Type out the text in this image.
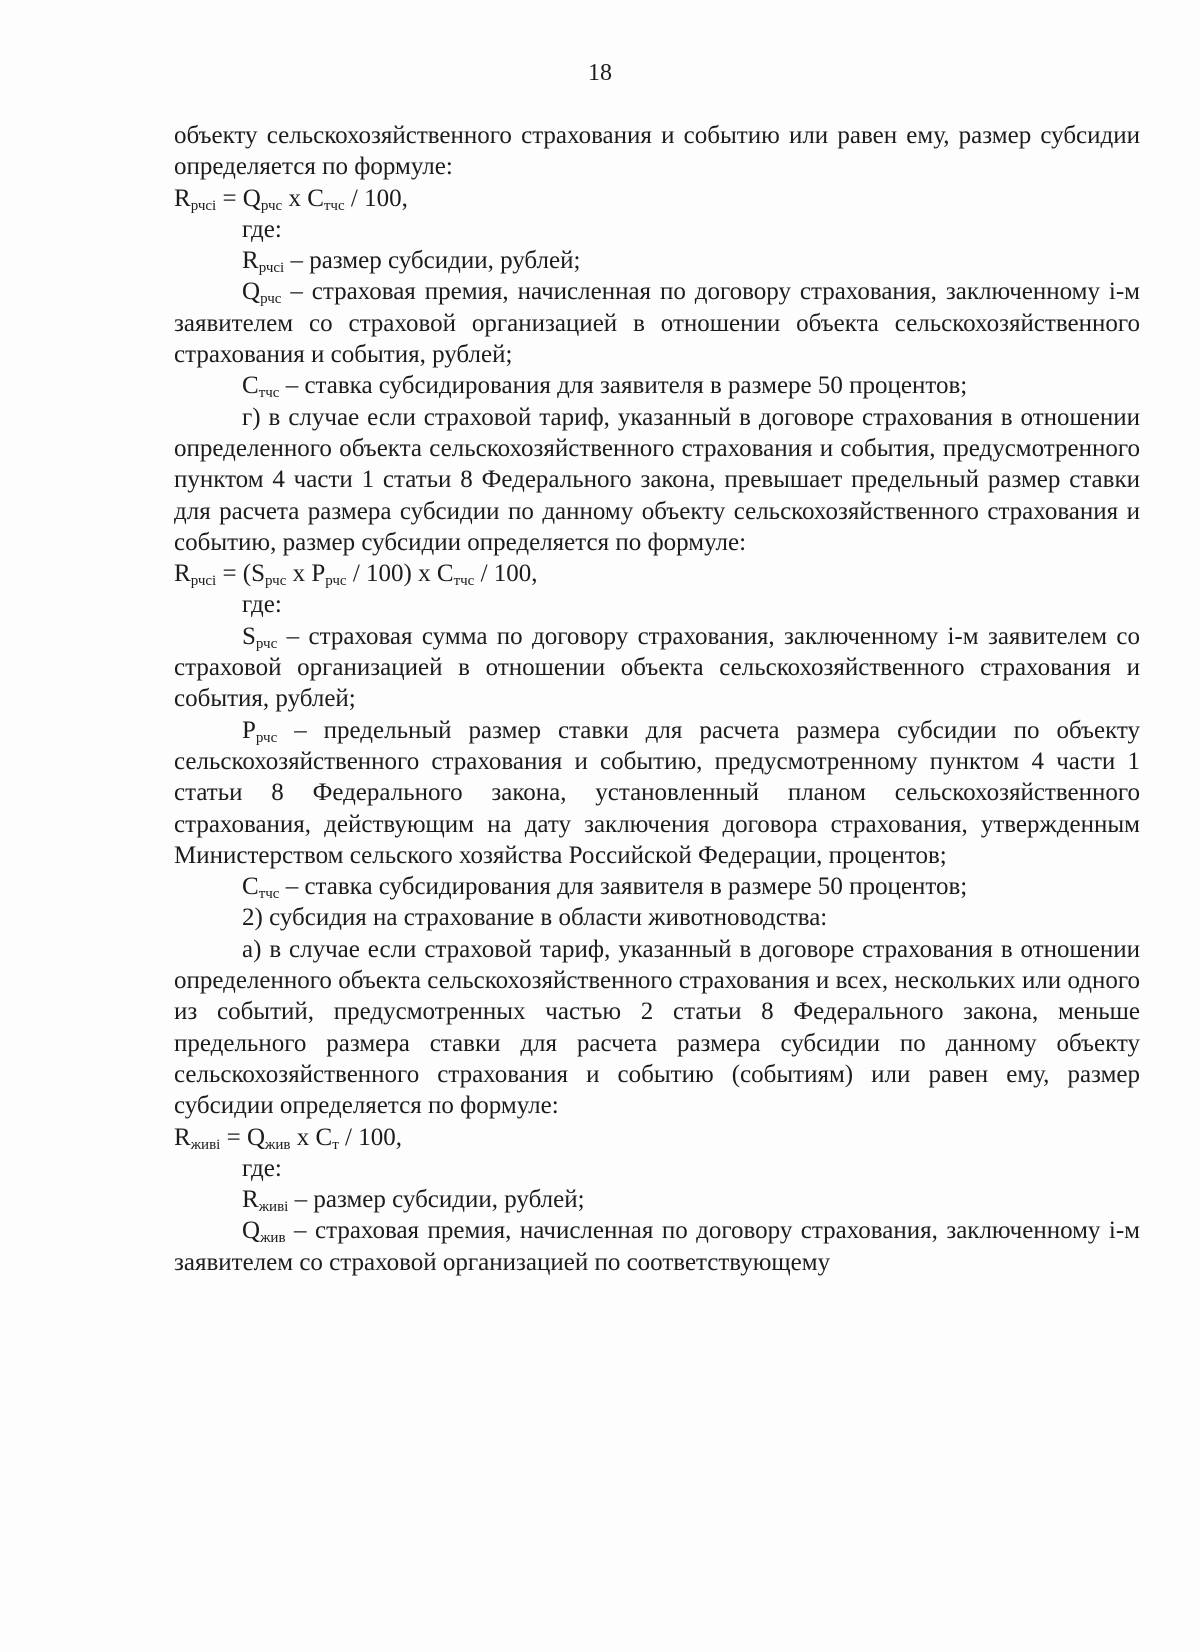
18

объекту сельскохозяйственного страхования и событию или равен ему, размер субсидии определяется по формуле:

$R_{рчсi} = Q_{рчс}$ х $С_{тчс} / 100$,

где:

$R_{рчсi}$ – размер субсидии, рублей;

$Q_{рчс}$ – страховая премия, начисленная по договору страхования, заключенному i-м заявителем со страховой организацией в отношении объекта сельскохозяйственного страхования и события, рублей;

$С_{тчс}$ – ставка субсидирования для заявителя в размере 50 процентов;

г) в случае если страховой тариф, указанный в договоре страхования в отношении определенного объекта сельскохозяйственного страхования и события, предусмотренного пунктом 4 части 1 статьи 8 Федерального закона, превышает предельный размер ставки для расчета размера субсидии по данному объекту сельскохозяйственного страхования и событию, размер субсидии определяется по формуле:

$R_{рчсi} = (S_{рчс}$ х $Р_{рчс} / 100$) х $С_{тчс} / 100$,

где:

$S_{рчс}$ – страховая сумма по договору страхования, заключенному i-м заявителем со страховой организацией в отношении объекта сельскохозяйственного страхования и события, рублей;

$Р_{рчс}$ – предельный размер ставки для расчета размера субсидии по объекту сельскохозяйственного страхования и событию, предусмотренному пунктом 4 части 1 статьи 8 Федерального закона, установленный планом сельскохозяйственного страхования, действующим на дату заключения договора страхования, утвержденным Министерством сельского хозяйства Российской Федерации, процентов;

$С_{тчс}$ – ставка субсидирования для заявителя в размере 50 процентов;

2) субсидия на страхование в области животноводства:

а) в случае если страховой тариф, указанный в договоре страхования в отношении определенного объекта сельскохозяйственного страхования и всех, нескольких или одного из событий, предусмотренных частью 2 статьи 8 Федерального закона, меньше предельного размера ставки для расчета размера субсидии по данному объекту сельскохозяйственного страхования и событию (событиям) или равен ему, размер субсидии определяется по формуле:

$R_{живi} = Q_{жив}$ х $С_т / 100$,

где:

$R_{живi}$ – размер субсидии, рублей;

$Q_{жив}$ – страховая премия, начисленная по договору страхования, заключенному i-м заявителем со страховой организацией по соответствующему
